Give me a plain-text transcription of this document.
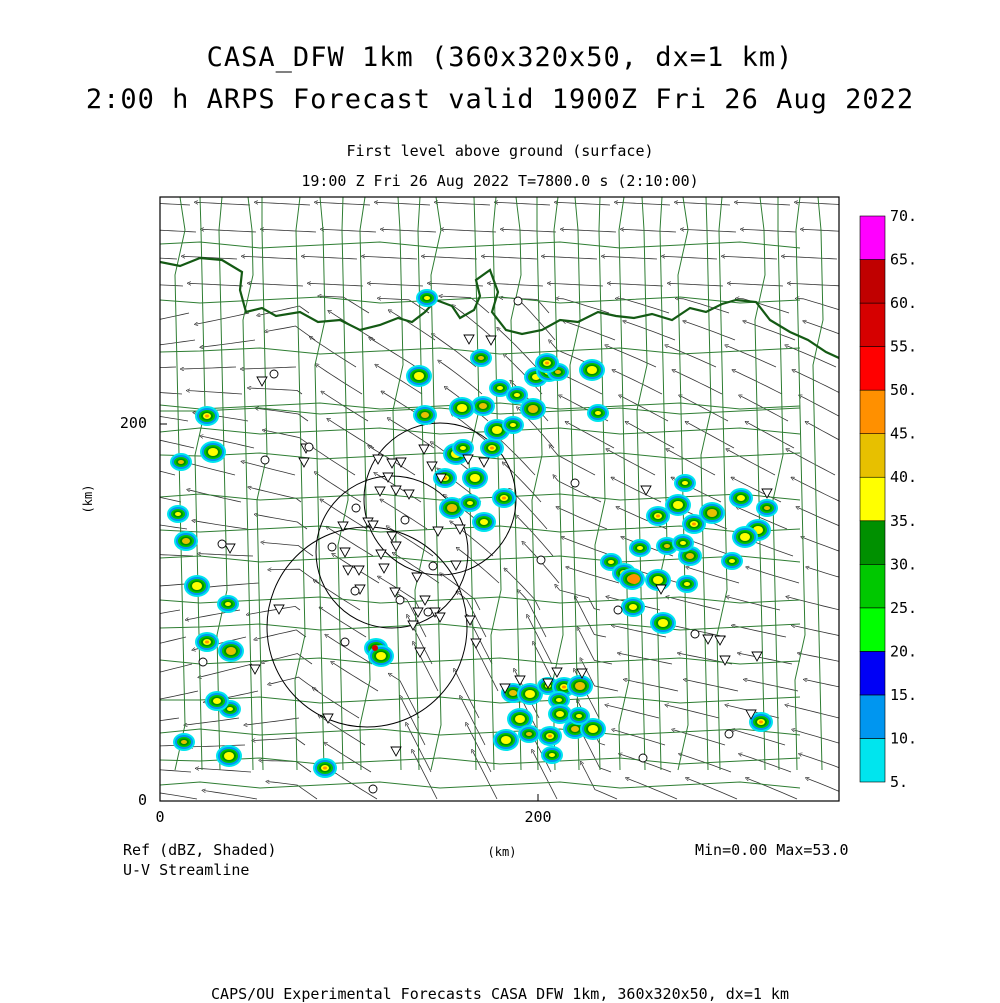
CASA_DFW 1km (360x320x50, dx=1 km)
2:00 h ARPS Forecast valid 1900Z Fri 26 Aug 2022
First level above ground (surface)
19:00 Z Fri 26 Aug 2022 T=7800.0 s (2:10:00)
200
0
0	200
(km)
(km)
5.
10.
15.
20.
25.
30.
35.
40.
45.
50.
55.
60.
65.
70.
Ref (dBZ, Shaded)
U-V Streamline
Min=0.00 Max=53.0
CAPS/OU Experimental Forecasts CASA DFW 1km, 360x320x50, dx=1 km
